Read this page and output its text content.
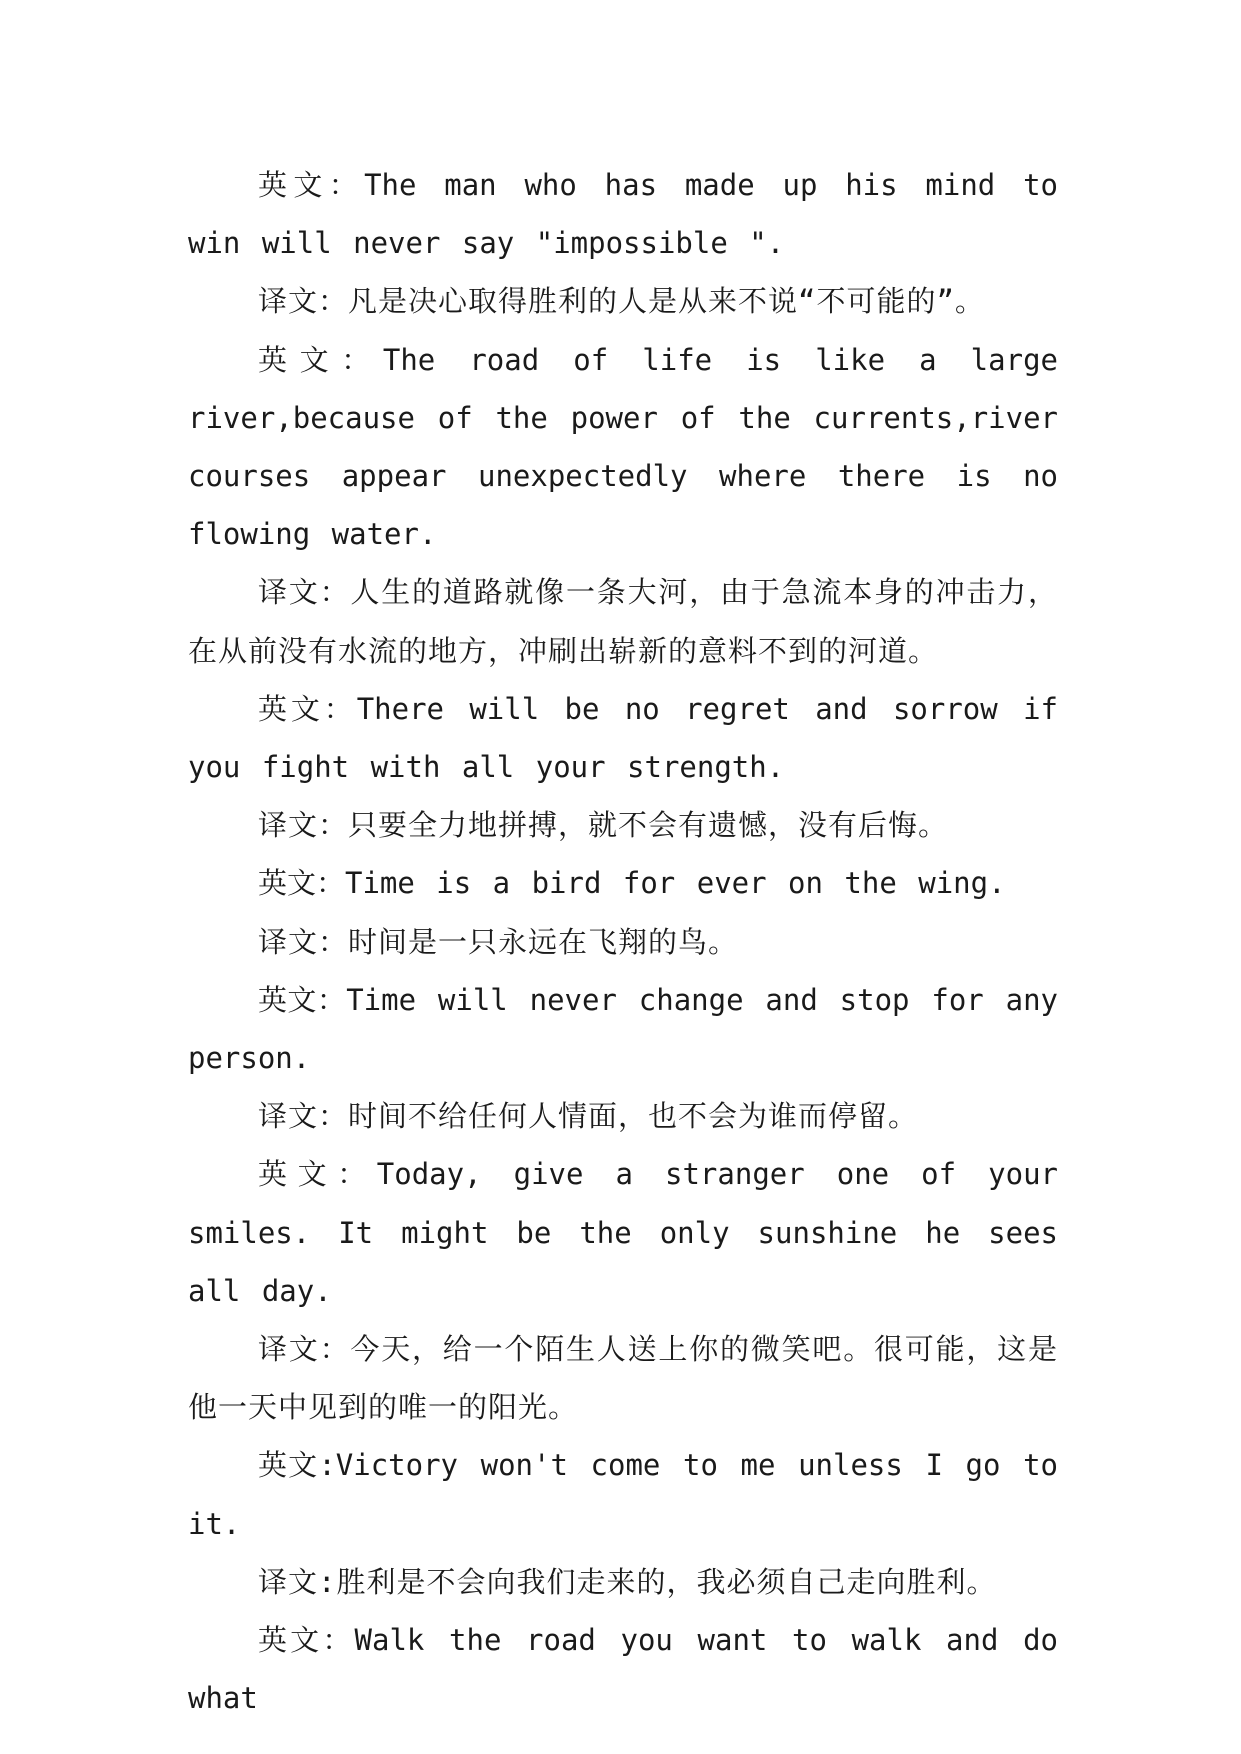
英文：The man who has made up his mind to win will never say "impossible ".

译文：凡是决心取得胜利的人是从来不说“不可能的”。

英文：The road of life is like a large river,because of the power of the currents,river courses appear unexpectedly where there is no flowing water.

译文：人生的道路就像一条大河，由于急流本身的冲击力，在从前没有水流的地方，冲刷出崭新的意料不到的河道。

英文：There will be no regret and sorrow if you fight with all your strength.

译文：只要全力地拼搏，就不会有遗憾，没有后悔。

英文：Time is a bird for ever on the wing.

译文：时间是一只永远在飞翔的鸟。

英文：Time will never change and stop for any person.

译文：时间不给任何人情面，也不会为谁而停留。

英文：Today, give a stranger one of your smiles. It might be the only sunshine he sees all day.

译文：今天，给一个陌生人送上你的微笑吧。很可能，这是他一天中见到的唯一的阳光。

英文:Victory won't come to me unless I go to it.

译文:胜利是不会向我们走来的，我必须自己走向胜利。

英文：Walk the road you want to walk and do what
